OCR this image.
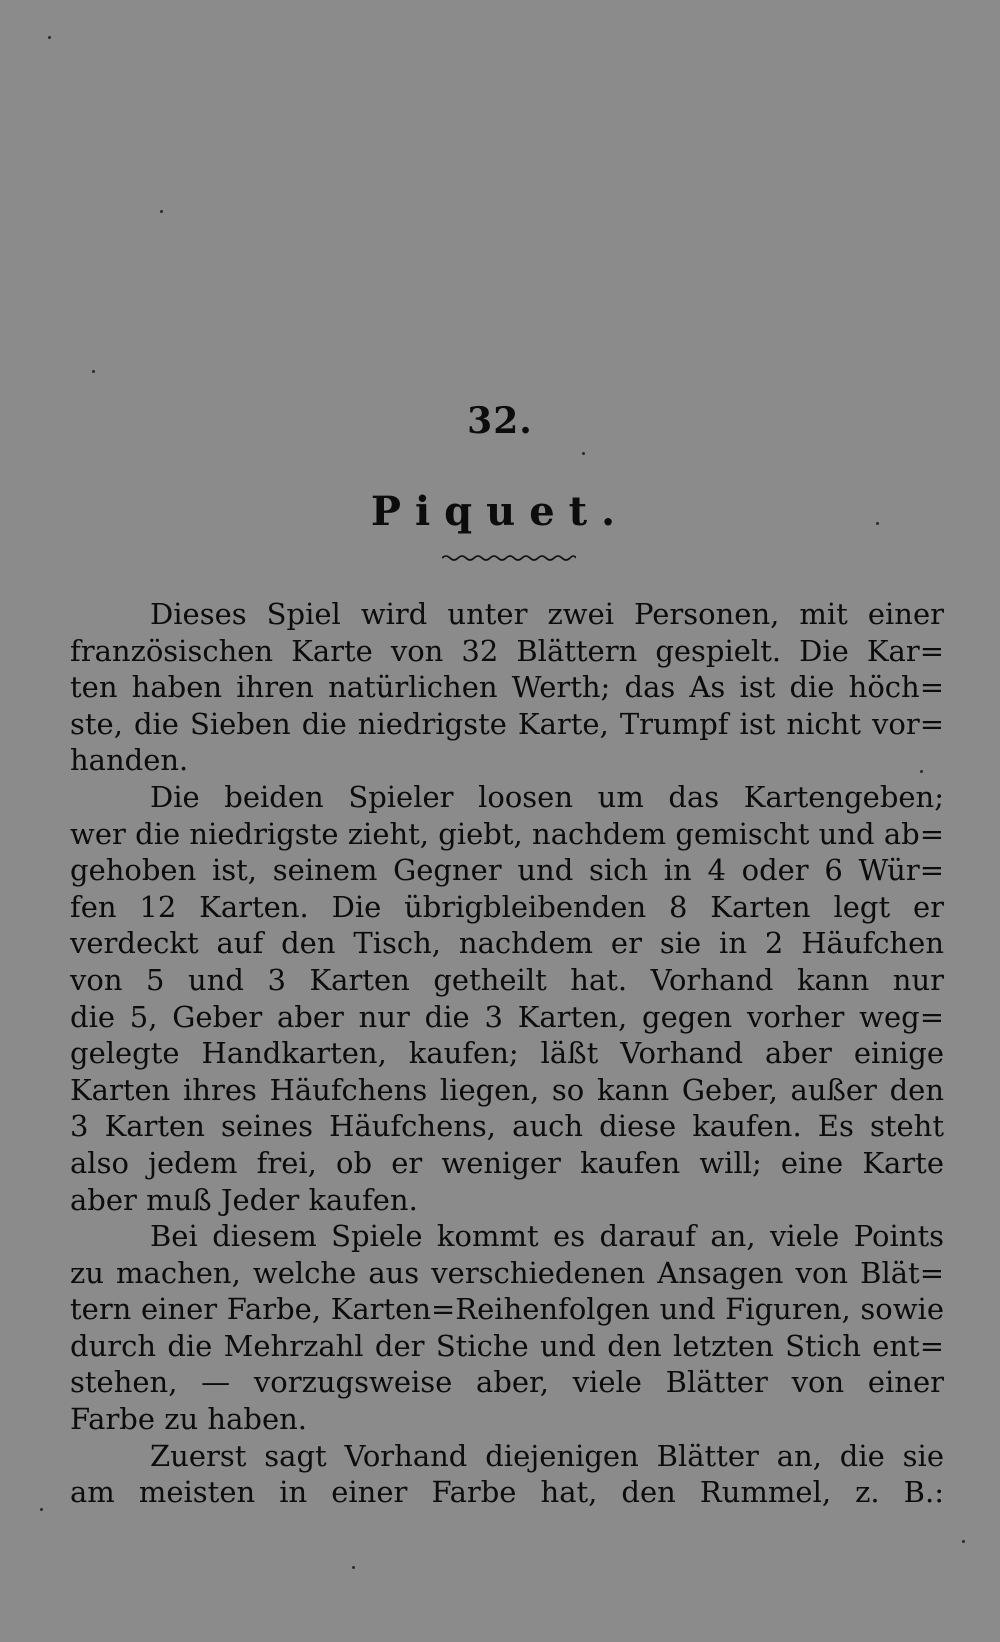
32.
Piquet.
Dieses Spiel wird unter zwei Personen, mit einer
französischen Karte von 32 Blättern gespielt. Die Kar=
ten haben ihren natürlichen Werth; das As ist die höch=
ste, die Sieben die niedrigste Karte, Trumpf ist nicht vor=
handen.
Die beiden Spieler loosen um das Kartengeben;
wer die niedrigste zieht, giebt, nachdem gemischt und ab=
gehoben ist, seinem Gegner und sich in 4 oder 6 Wür=
fen 12 Karten. Die übrigbleibenden 8 Karten legt er
verdeckt auf den Tisch, nachdem er sie in 2 Häufchen
von 5 und 3 Karten getheilt hat. Vorhand kann nur
die 5, Geber aber nur die 3 Karten, gegen vorher weg=
gelegte Handkarten, kaufen; läßt Vorhand aber einige
Karten ihres Häufchens liegen, so kann Geber, außer den
3 Karten seines Häufchens, auch diese kaufen. Es steht
also jedem frei, ob er weniger kaufen will; eine Karte
aber muß Jeder kaufen.
Bei diesem Spiele kommt es darauf an, viele Points
zu machen, welche aus verschiedenen Ansagen von Blät=
tern einer Farbe, Karten=Reihenfolgen und Figuren, sowie
durch die Mehrzahl der Stiche und den letzten Stich ent=
stehen, — vorzugsweise aber, viele Blätter von einer
Farbe zu haben.
Zuerst sagt Vorhand diejenigen Blätter an, die sie
am meisten in einer Farbe hat, den Rummel, z. B.:
